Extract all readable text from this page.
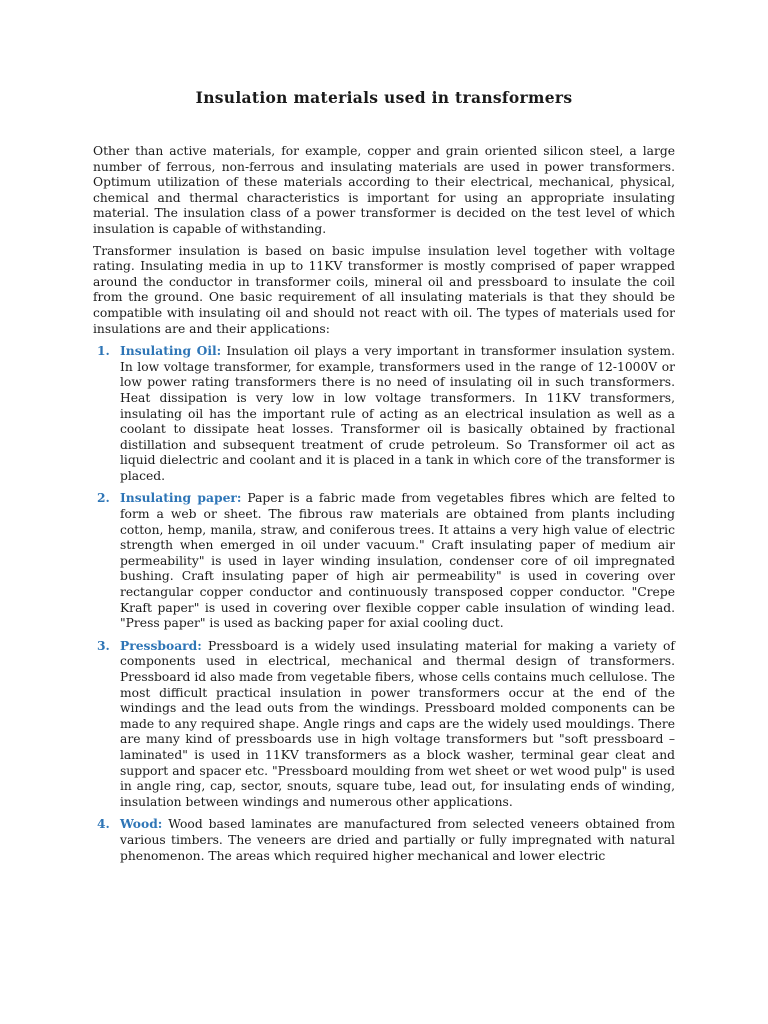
Insulation materials used in transformers

Other than active materials, for example, copper and grain oriented silicon steel, a large number of ferrous, non-ferrous and insulating materials are used in power transformers. Optimum utilization of these materials according to their electrical, mechanical, physical, chemical and thermal characteristics is important for using an appropriate insulating material. The insulation class of a power transformer is decided on the test level of which insulation is capable of withstanding.

Transformer insulation is based on basic impulse insulation level together with voltage rating. Insulating media in up to 11KV transformer is mostly comprised of paper wrapped around the conductor in transformer coils, mineral oil and pressboard to insulate the coil from the ground. One basic requirement of all insulating materials is that they should be compatible with insulating oil and should not react with oil. The types of materials used for insulations are and their applications:

1. Insulating Oil: Insulation oil plays a very important in transformer insulation system. In low voltage transformer, for example, transformers used in the range of 12-1000V or low power rating transformers there is no need of insulating oil in such transformers. Heat dissipation is very low in low voltage transformers. In 11KV transformers, insulating oil has the important rule of acting as an electrical insulation as well as a coolant to dissipate heat losses. Transformer oil is basically obtained by fractional distillation and subsequent treatment of crude petroleum. So Transformer oil act as liquid dielectric and coolant and it is placed in a tank in which core of the transformer is placed.
2. Insulating paper: Paper is a fabric made from vegetables fibres which are felted to form a web or sheet. The fibrous raw materials are obtained from plants including cotton, hemp, manila, straw, and coniferous trees. It attains a very high value of electric strength when emerged in oil under vacuum." Craft insulating paper of medium air permeability" is used in layer winding insulation, condenser core of oil impregnated bushing. Craft insulating paper of high air permeability" is used in covering over rectangular copper conductor and continuously transposed copper conductor. "Crepe Kraft paper" is used in covering over flexible copper cable insulation of winding lead. "Press paper" is used as backing paper for axial cooling duct.
3. Pressboard: Pressboard is a widely used insulating material for making a variety of components used in electrical, mechanical and thermal design of transformers. Pressboard id also made from vegetable fibers, whose cells contains much cellulose. The most difficult practical insulation in power transformers occur at the end of the windings and the lead outs from the windings. Pressboard molded components can be made to any required shape. Angle rings and caps are the widely used mouldings. There are many kind of pressboards use in high voltage transformers but "soft pressboard –laminated" is used in 11KV transformers as a block washer, terminal gear cleat and support and spacer etc. "Pressboard moulding from wet sheet or wet wood pulp" is used in angle ring, cap, sector, snouts, square tube, lead out, for insulating ends of winding, insulation between windings and numerous other applications.
4. Wood: Wood based laminates are manufactured from selected veneers obtained from various timbers. The veneers are dried and partially or fully impregnated with natural phenomenon. The areas which required higher mechanical and lower electric
